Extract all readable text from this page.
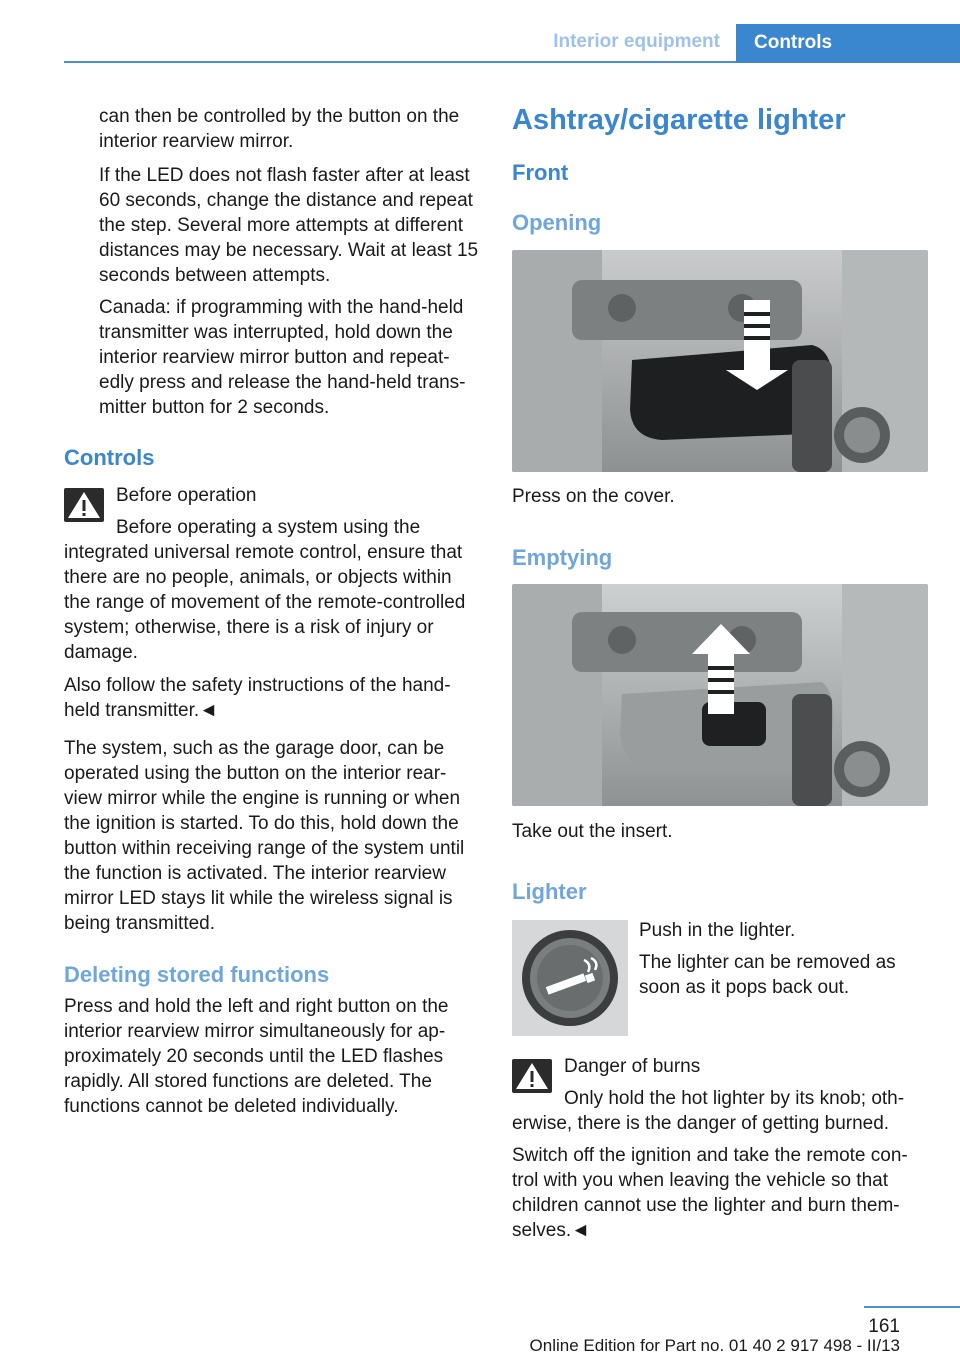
Interior equipment	Controls

can then be controlled by the button on the interior rearview mirror.

If the LED does not flash faster after at least 60 seconds, change the distance and repeat the step. Several more attempts at different distances may be necessary. Wait at least 15 seconds between attempts.

Canada: if programming with the hand-held transmitter was interrupted, hold down the interior rearview mirror button and repeat-edly press and release the hand-held trans-mitter button for 2 seconds.

Controls

Before operation

Before operating a system using the

integrated universal remote control, ensure that there are no people, animals, or objects within the range of movement of the remote-controlled system; otherwise, there is a risk of injury or damage.

Also follow the safety instructions of the hand-held transmitter.◄

The system, such as the garage door, can be operated using the button on the interior rear-view mirror while the engine is running or when the ignition is started. To do this, hold down the button within receiving range of the system until the function is activated. The interior rearview mirror LED stays lit while the wireless signal is being transmitted.

Deleting stored functions

Press and hold the left and right button on the interior rearview mirror simultaneously for ap-proximately 20 seconds until the LED flashes rapidly. All stored functions are deleted. The functions cannot be deleted individually.

Ashtray/cigarette lighter
Front
Opening

Press on the cover.

Emptying

Take out the insert.

Lighter

Push in the lighter.

The lighter can be removed as soon as it pops back out.

Danger of burns

Only hold the hot lighter by its knob; oth-

erwise, there is the danger of getting burned.

Switch off the ignition and take the remote con-trol with you when leaving the vehicle so that children cannot use the lighter and burn them-selves.◄

161
Online Edition for Part no. 01 40 2 917 498 - II/13
